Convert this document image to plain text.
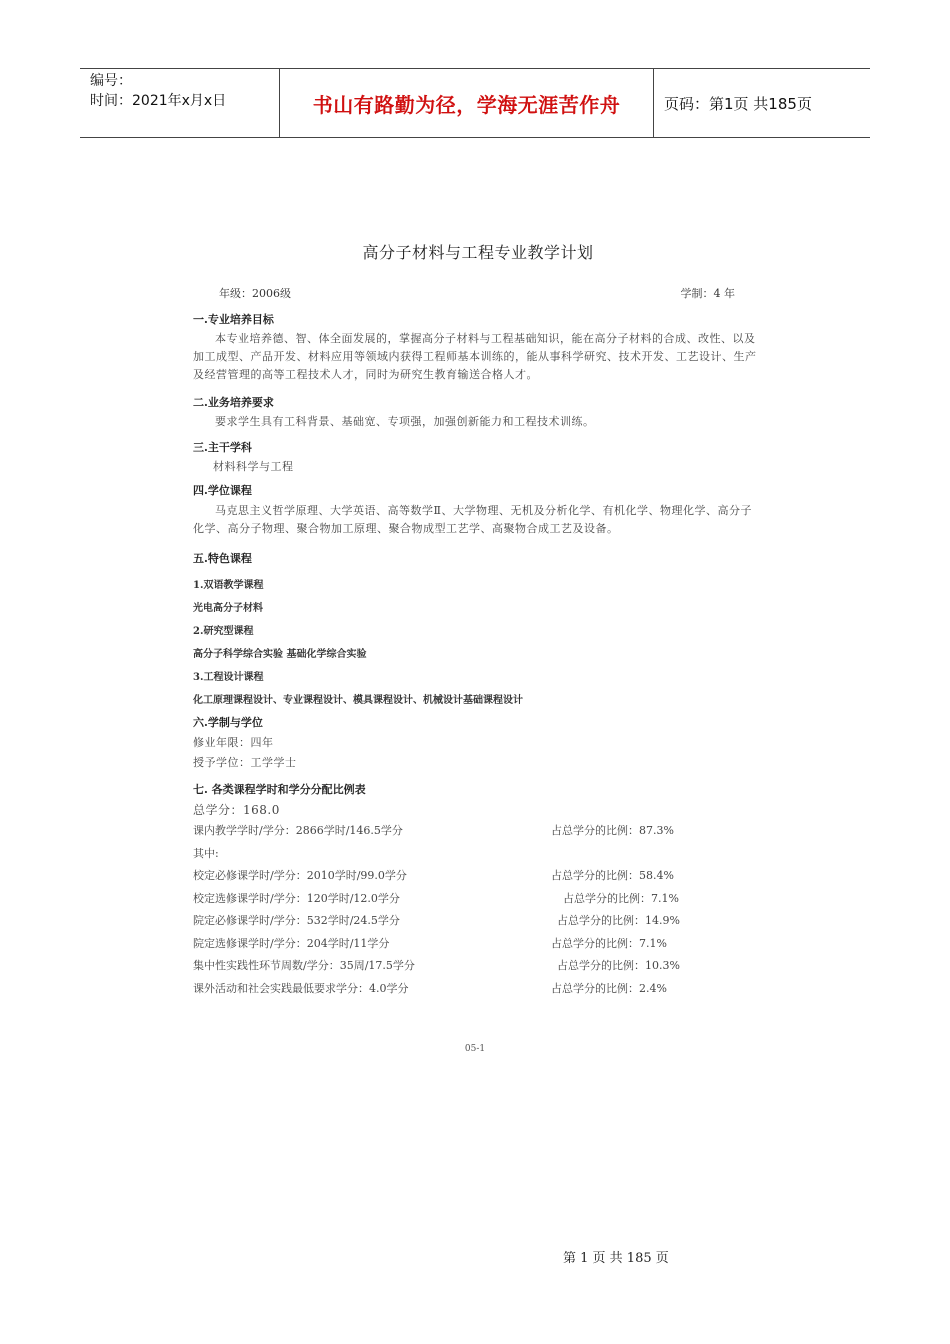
编号：
时间：2021年x月x日	书山有路勤为径，学海无涯苦作舟	页码：第1页 共185页
高分子材料与工程专业教学计划
年级：2006级	学制：4 年
一.专业培养目标
本专业培养德、智、体全面发展的，掌握高分子材料与工程基础知识，能在高分子材料的合成、改性、以及加工成型、产品开发、材料应用等领域内获得工程师基本训练的，能从事科学研究、技术开发、工艺设计、生产及经营管理的高等工程技术人才，同时为研究生教育输送合格人才。
二.业务培养要求
要求学生具有工科背景、基础宽、专项强，加强创新能力和工程技术训练。
三.主干学科
材料科学与工程
四.学位课程
马克思主义哲学原理、大学英语、高等数学Ⅱ、大学物理、无机及分析化学、有机化学、物理化学、高分子化学、高分子物理、聚合物加工原理、聚合物成型工艺学、高聚物合成工艺及设备。
五.特色课程
1.双语教学课程
光电高分子材料
2.研究型课程
高分子科学综合实验 基础化学综合实验
3.工程设计课程
化工原理课程设计、专业课程设计、模具课程设计、机械设计基础课程设计
六.学制与学位
修业年限：四年
授予学位：工学学士
七. 各类课程学时和学分分配比例表
总学分：168.0
课内教学学时/学分：2866学时/146.5学分	占总学分的比例：87.3%
其中:
校定必修课学时/学分：2010学时/99.0学分	占总学分的比例：58.4%
校定选修课学时/学分：120学时/12.0学分	占总学分的比例：7.1%
院定必修课学时/学分：532学时/24.5学分	占总学分的比例：14.9%
院定选修课学时/学分：204学时/11学分	占总学分的比例：7.1%
集中性实践性环节周数/学分：35周/17.5学分	占总学分的比例：10.3%
课外活动和社会实践最低要求学分：4.0学分	占总学分的比例：2.4%
05-1
第 1 页 共 185 页
